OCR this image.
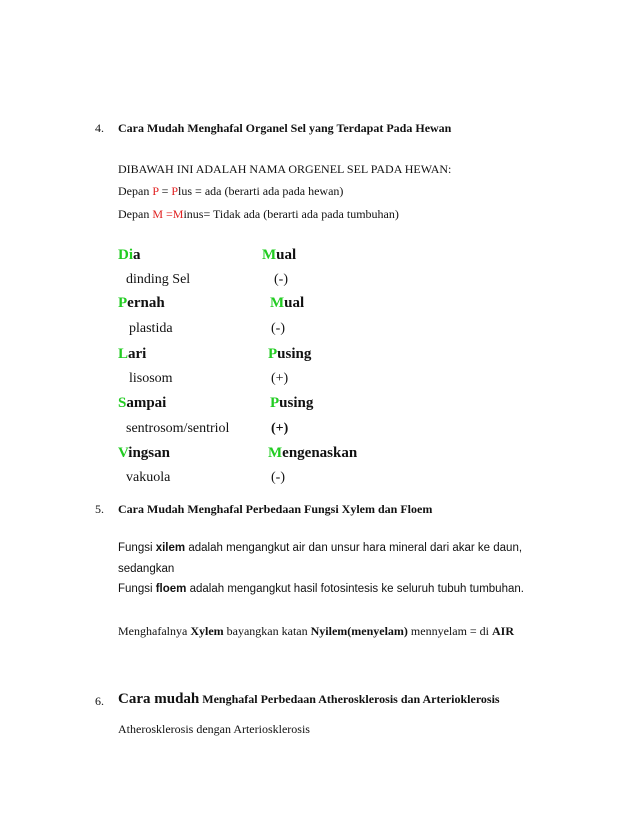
4. Cara Mudah Menghafal Organel Sel yang Terdapat Pada Hewan
DIBAWAH INI ADALAH NAMA ORGENEL SEL PADA HEWAN:
Depan P = Plus = ada (berarti ada pada hewan)
Depan M =Minus= Tidak ada (berarti ada pada tumbuhan)
Dia	Mual
dinding Sel	(-)
Pernah	Mual
plastida	(-)
Lari	Pusing
lisosom	(+)
Sampai	Pusing
sentrosom/sentriol	(+)
Vingsan	Mengenaskan
vakuola	(-)
5. Cara Mudah Menghafal Perbedaan Fungsi Xylem dan Floem
Fungsi xilem adalah mengangkut air dan unsur hara mineral dari akar ke daun,
sedangkan
Fungsi floem adalah mengangkut hasil fotosintesis ke seluruh tubuh tumbuhan.
Menghafalnya Xylem bayangkan katan Nyilem(menyelam) mennyelam = di AIR
6. Cara mudah Menghafal Perbedaan Atherosklerosis dan Arterioklerosis
Atherosklerosis dengan Arteriosklerosis
